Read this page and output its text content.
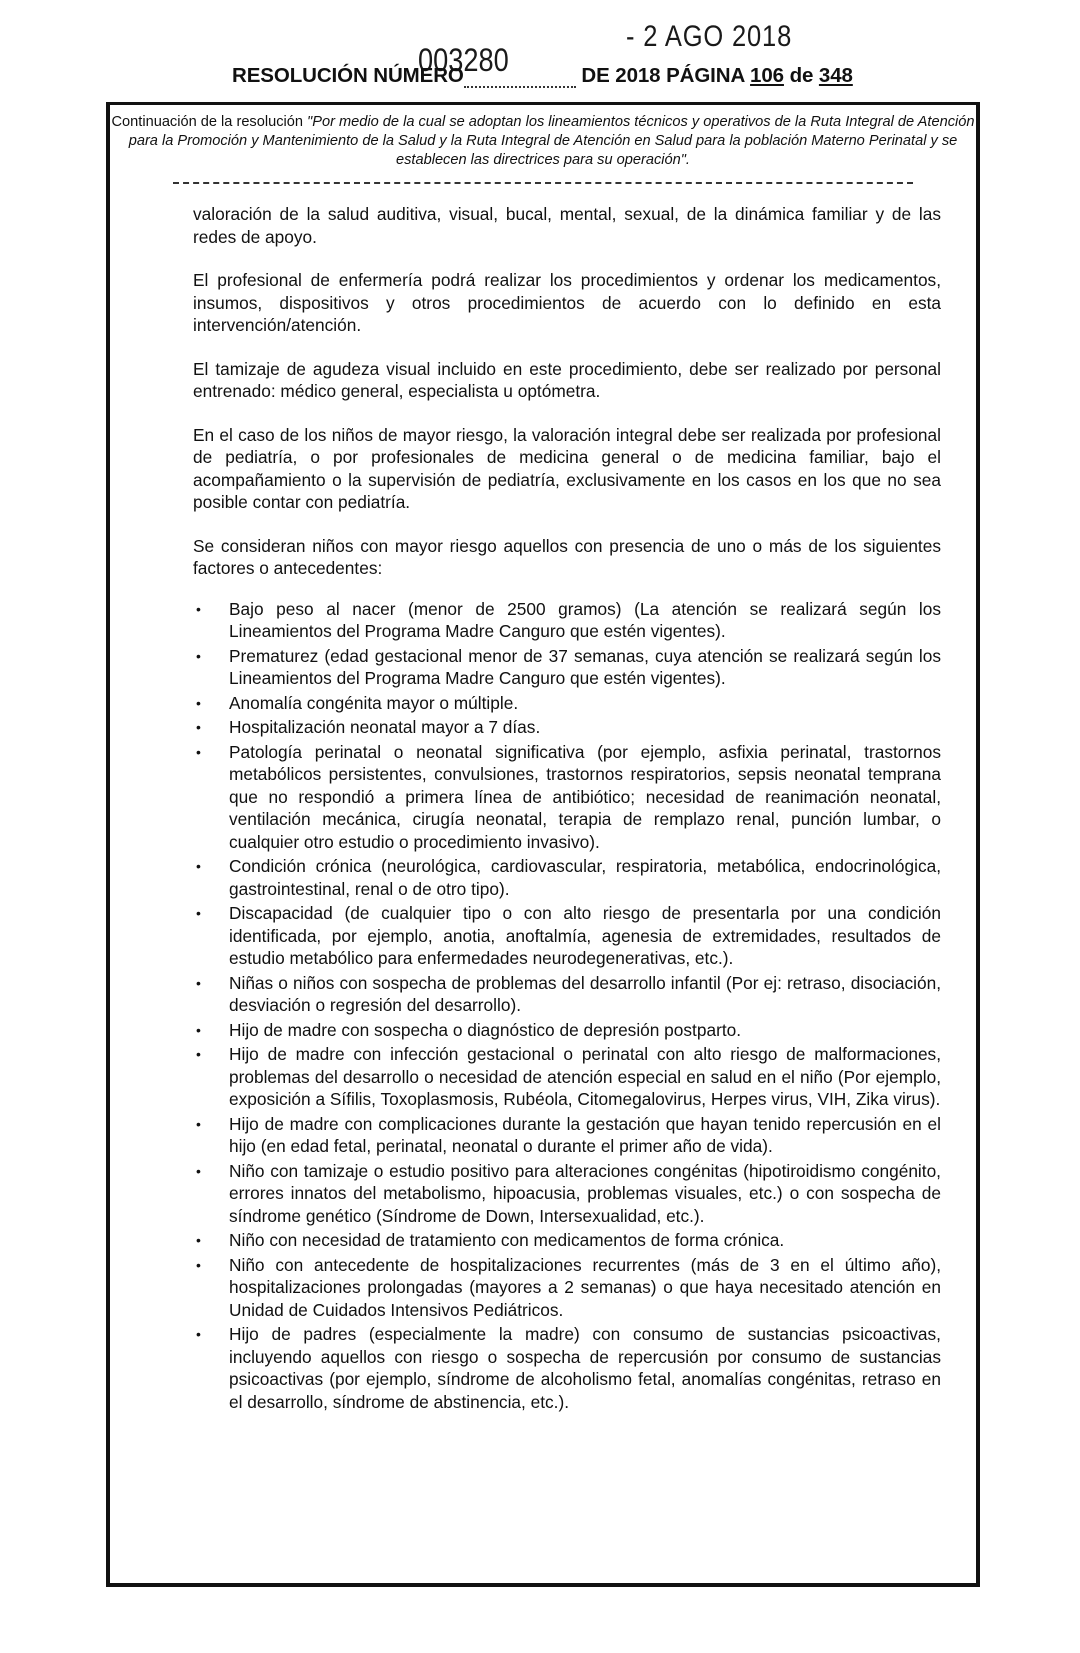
- 2 AGO 2018
003280
RESOLUCIÓN NÚMERO	DE 2018 PÁGINA 106 de 348
Continuación de la resolución "Por medio de la cual se adoptan los lineamientos técnicos y operativos de la Ruta Integral de Atención para la Promoción y Mantenimiento de la Salud y la Ruta Integral de Atención en Salud para la población Materno Perinatal y se establecen las directrices para su operación".

valoración de la salud auditiva, visual, bucal, mental, sexual, de la dinámica familiar y de las redes de apoyo.

El profesional de enfermería podrá realizar los procedimientos y ordenar los medicamentos, insumos, dispositivos y otros procedimientos de acuerdo con lo definido en esta intervención/atención.

El tamizaje de agudeza visual incluido en este procedimiento, debe ser realizado por personal entrenado: médico general, especialista u optómetra.

En el caso de los niños de mayor riesgo, la valoración integral debe ser realizada por profesional de pediatría, o por profesionales de medicina general o de medicina familiar, bajo el acompañamiento o la supervisión de pediatría, exclusivamente en los casos en los que no sea posible contar con pediatría.

Se consideran niños con mayor riesgo aquellos con presencia de uno o más de los siguientes factores o antecedentes:

• Bajo peso al nacer (menor de 2500 gramos) (La atención se realizará según los Lineamientos del Programa Madre Canguro que estén vigentes).
• Prematurez (edad gestacional menor de 37 semanas, cuya atención se realizará según los Lineamientos del Programa Madre Canguro que estén vigentes).
• Anomalía congénita mayor o múltiple.
• Hospitalización neonatal mayor a 7 días.
• Patología perinatal o neonatal significativa (por ejemplo, asfixia perinatal, trastornos metabólicos persistentes, convulsiones, trastornos respiratorios, sepsis neonatal temprana que no respondió a primera línea de antibiótico; necesidad de reanimación neonatal, ventilación mecánica, cirugía neonatal, terapia de remplazo renal, punción lumbar, o cualquier otro estudio o procedimiento invasivo).
• Condición crónica (neurológica, cardiovascular, respiratoria, metabólica, endocrinológica, gastrointestinal, renal o de otro tipo).
• Discapacidad (de cualquier tipo o con alto riesgo de presentarla por una condición identificada, por ejemplo, anotia, anoftalmía, agenesia de extremidades, resultados de estudio metabólico para enfermedades neurodegenerativas, etc.).
• Niñas o niños con sospecha de problemas del desarrollo infantil (Por ej: retraso, disociación, desviación o regresión del desarrollo).
• Hijo de madre con sospecha o diagnóstico de depresión postparto.
• Hijo de madre con infección gestacional o perinatal con alto riesgo de malformaciones, problemas del desarrollo o necesidad de atención especial en salud en el niño (Por ejemplo, exposición a Sífilis, Toxoplasmosis, Rubéola, Citomegalovirus, Herpes virus, VIH, Zika virus).
• Hijo de madre con complicaciones durante la gestación que hayan tenido repercusión en el hijo (en edad fetal, perinatal, neonatal o durante el primer año de vida).
• Niño con tamizaje o estudio positivo para alteraciones congénitas (hipotiroidismo congénito, errores innatos del metabolismo, hipoacusia, problemas visuales, etc.) o con sospecha de síndrome genético (Síndrome de Down, Intersexualidad, etc.).
• Niño con necesidad de tratamiento con medicamentos de forma crónica.
• Niño con antecedente de hospitalizaciones recurrentes (más de 3 en el último año), hospitalizaciones prolongadas (mayores a 2 semanas) o que haya necesitado atención en Unidad de Cuidados Intensivos Pediátricos.
• Hijo de padres (especialmente la madre) con consumo de sustancias psicoactivas, incluyendo aquellos con riesgo o sospecha de repercusión por consumo de sustancias psicoactivas (por ejemplo, síndrome de alcoholismo fetal, anomalías congénitas, retraso en el desarrollo, síndrome de abstinencia, etc.).
